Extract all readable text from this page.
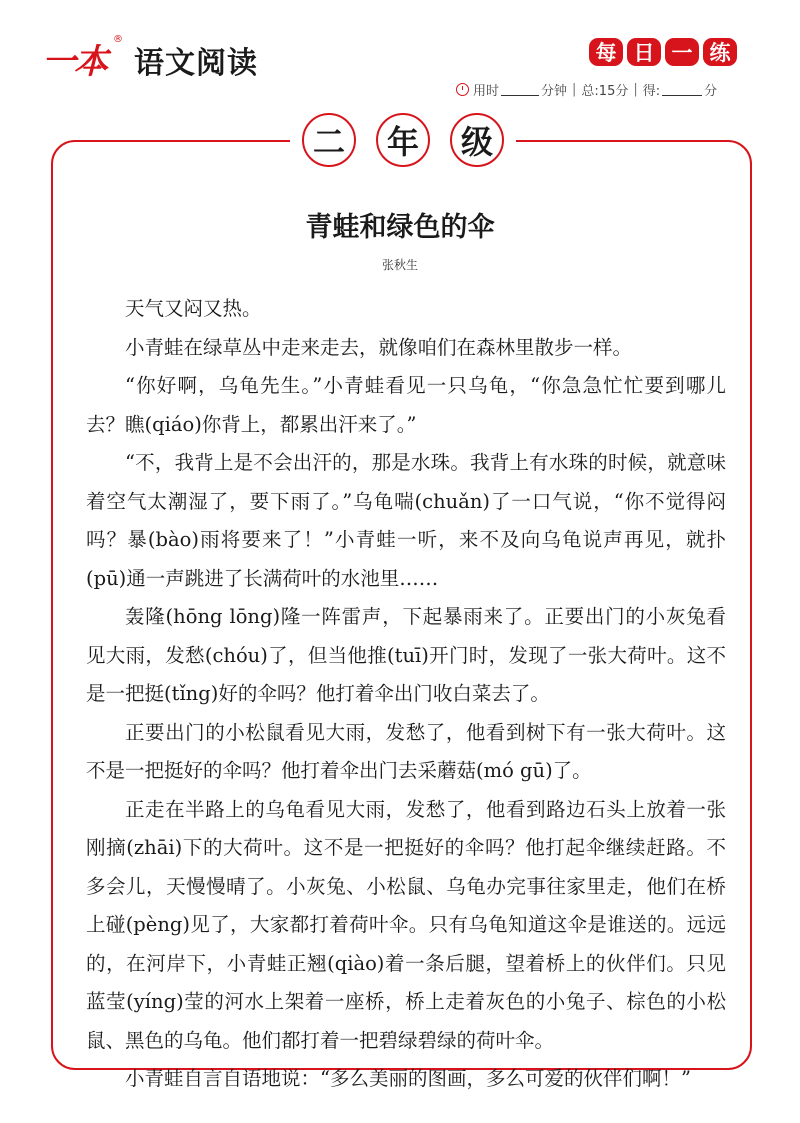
一本
®
语文阅读	每 日 一 练
用时	分钟 | 总:15分 | 得:	分
二	年	级
青蛙和绿色的伞
张秋生

天气又闷又热。

小青蛙在绿草丛中走来走去，就像咱们在森林里散步一样。

“你好啊，乌龟先生。”小青蛙看见一只乌龟，“你急急忙忙要到哪儿去？瞧(qiáo)你背上，都累出汗来了。”

“不，我背上是不会出汗的，那是水珠。我背上有水珠的时候，就意味着空气太潮湿了，要下雨了。”乌龟喘(chuǎn)了一口气说，“你不觉得闷吗？暴(bào)雨将要来了！”小青蛙一听，来不及向乌龟说声再见，就扑(pū)通一声跳进了长满荷叶的水池里……

轰隆(hōng lōng)隆一阵雷声，下起暴雨来了。正要出门的小灰兔看见大雨，发愁(chóu)了，但当他推(tuī)开门时，发现了一张大荷叶。这不是一把挺(tǐng)好的伞吗？他打着伞出门收白菜去了。

正要出门的小松鼠看见大雨，发愁了，他看到树下有一张大荷叶。这不是一把挺好的伞吗？他打着伞出门去采蘑菇(mó gū)了。

正走在半路上的乌龟看见大雨，发愁了，他看到路边石头上放着一张刚摘(zhāi)下的大荷叶。这不是一把挺好的伞吗？他打起伞继续赶路。不多会儿，天慢慢晴了。小灰兔、小松鼠、乌龟办完事往家里走，他们在桥上碰(pèng)见了，大家都打着荷叶伞。只有乌龟知道这伞是谁送的。远远的，在河岸下，小青蛙正翘(qiào)着一条后腿，望着桥上的伙伴们。只见蓝莹(yíng)莹的河水上架着一座桥，桥上走着灰色的小兔子、棕色的小松鼠、黑色的乌龟。他们都打着一把碧绿碧绿的荷叶伞。

小青蛙自言自语地说：“多么美丽的图画，多么可爱的伙伴们啊！”
